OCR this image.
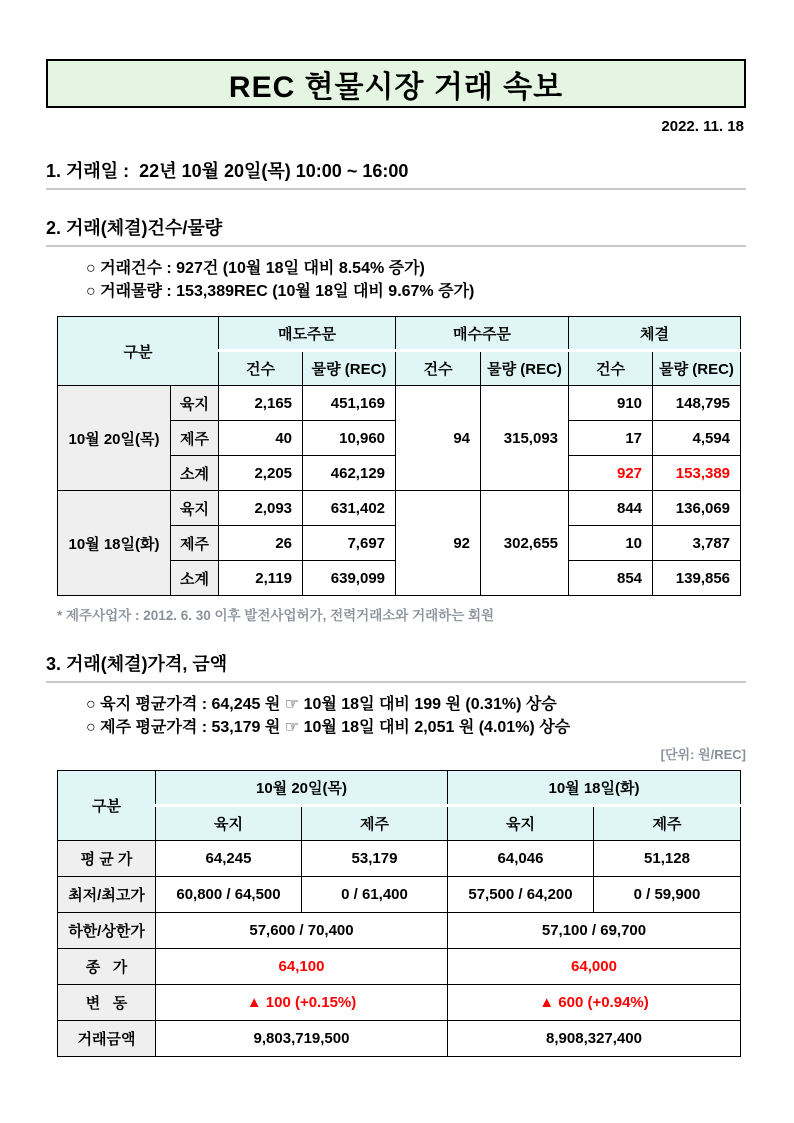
REC 현물시장 거래 속보
2022. 11. 18
1. 거래일 :  22년 10월 20일(목) 10:00 ~ 16:00
2. 거래(체결)건수/물량
○ 거래건수 : 927건 (10월 18일 대비 8.54% 증가)
○ 거래물량 : 153,389REC (10월 18일 대비 9.67% 증가)
구분		매도주문		매수주문		체결	
		건수	물량 (REC)	건수	물량 (REC)	건수	물량 (REC)
10월 20일(목)	육지	2,165	451,169	94	315,093	910	148,795
	제주	40	10,960			17	4,594
	소계	2,205	462,129			927	153,389
10월 18일(화)	육지	2,093	631,402	92	302,655	844	136,069
	제주	26	7,697			10	3,787
	소계	2,119	639,099			854	139,856
* 제주사업자 : 2012. 6. 30 이후 발전사업허가, 전력거래소와 거래하는 회원
3. 거래(체결)가격, 금액
○ 육지 평균가격 : 64,245 원 ☞ 10월 18일 대비 199 원 (0.31%) 상승
○ 제주 평균가격 : 53,179 원 ☞ 10월 18일 대비 2,051 원 (4.01%) 상승
[단위: 원/REC]
구분	10월 20일(목)		10월 18일(화)	
	육지	제주	육지	제주
평 균 가	64,245	53,179	64,046	51,128
최저/최고가	60,800 / 64,500	0 / 61,400	57,500 / 64,200	0 / 59,900
하한/상한가	57,600 / 70,400		57,100 / 69,700	
종   가	64,100		64,000	
변   동	▲ 100 (+0.15%)		▲ 600 (+0.94%)	
거래금액	9,803,719,500		8,908,327,400	
